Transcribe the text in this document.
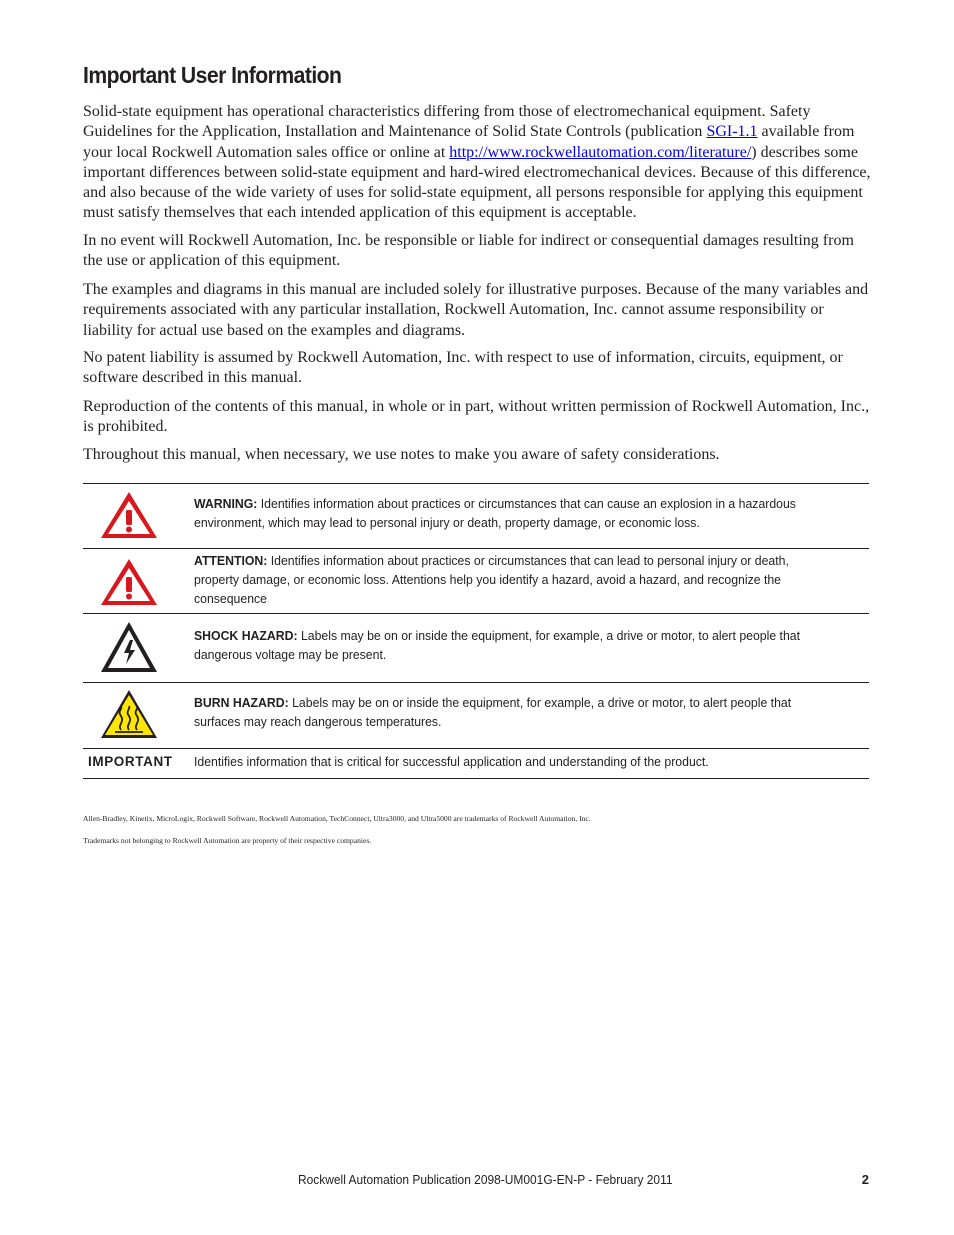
Important User Information

Solid-state equipment has operational characteristics differing from those of electromechanical equipment. Safety Guidelines for the Application, Installation and Maintenance of Solid State Controls (publication SGI-1.1 available from your local Rockwell Automation sales office or online at http://www.rockwellautomation.com/literature/) describes some important differences between solid-state equipment and hard-wired electromechanical devices. Because of this difference, and also because of the wide variety of uses for solid-state equipment, all persons responsible for applying this equipment must satisfy themselves that each intended application of this equipment is acceptable.

In no event will Rockwell Automation, Inc. be responsible or liable for indirect or consequential damages resulting from the use or application of this equipment.
The examples and diagrams in this manual are included solely for illustrative purposes. Because of the many variables and requirements associated with any particular installation, Rockwell Automation, Inc. cannot assume responsibility or liability for actual use based on the examples and diagrams.
No patent liability is assumed by Rockwell Automation, Inc. with respect to use of information, circuits, equipment, or software described in this manual.
Reproduction of the contents of this manual, in whole or in part, without written permission of Rockwell Automation, Inc., is prohibited.
Throughout this manual, when necessary, we use notes to make you aware of safety considerations.
WARNING: Identifies information about practices or circumstances that can cause an explosion in a hazardous environment, which may lead to personal injury or death, property damage, or economic loss.
ATTENTION: Identifies information about practices or circumstances that can lead to personal injury or death, property damage, or economic loss. Attentions help you identify a hazard, avoid a hazard, and recognize the consequence
SHOCK HAZARD: Labels may be on or inside the equipment, for example, a drive or motor, to alert people that dangerous voltage may be present.
BURN HAZARD: Labels may be on or inside the equipment, for example, a drive or motor, to alert people that surfaces may reach dangerous temperatures.
IMPORTANT Identifies information that is critical for successful application and understanding of the product.
Allen-Bradley, Kinetix, MicroLogix, Rockwell Software, Rockwell Automation, TechConnect, Ultra3000, and Ultra5000 are trademarks of Rockwell Automation, Inc.
Trademarks not belonging to Rockwell Automation are property of their respective companies.
Rockwell Automation Publication 2098-UM001G-EN-P - February 2011	2
